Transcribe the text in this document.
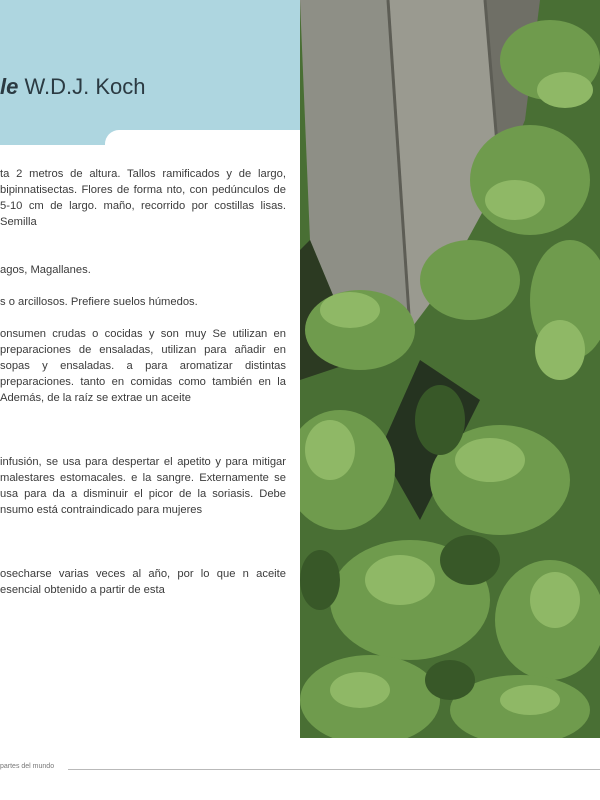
le W.D.J. Koch
ta 2 metros de altura. Tallos ramificados y de largo, bipinnatisectas. Flores de forma nto, con pedúnculos de 5-10 cm de largo. maño, recorrido por costillas lisas. Semilla
agos, Magallanes.
s o arcillosos. Prefiere suelos húmedos.
onsumen crudas o cocidas y son muy Se utilizan en preparaciones de ensaladas, utilizan para añadir en sopas y ensaladas. a para aromatizar distintas preparaciones. tanto en comidas como también en la Además, de la raíz se extrae un aceite
infusión, se usa para despertar el apetito y para mitigar malestares estomacales. e la sangre. Externamente se usa para da a disminuir el picor de la soriasis. Debe nsumo está contraindicado para mujeres
osecharse varias veces al año, por lo que n aceite esencial obtenido a partir de esta
partes del mundo
